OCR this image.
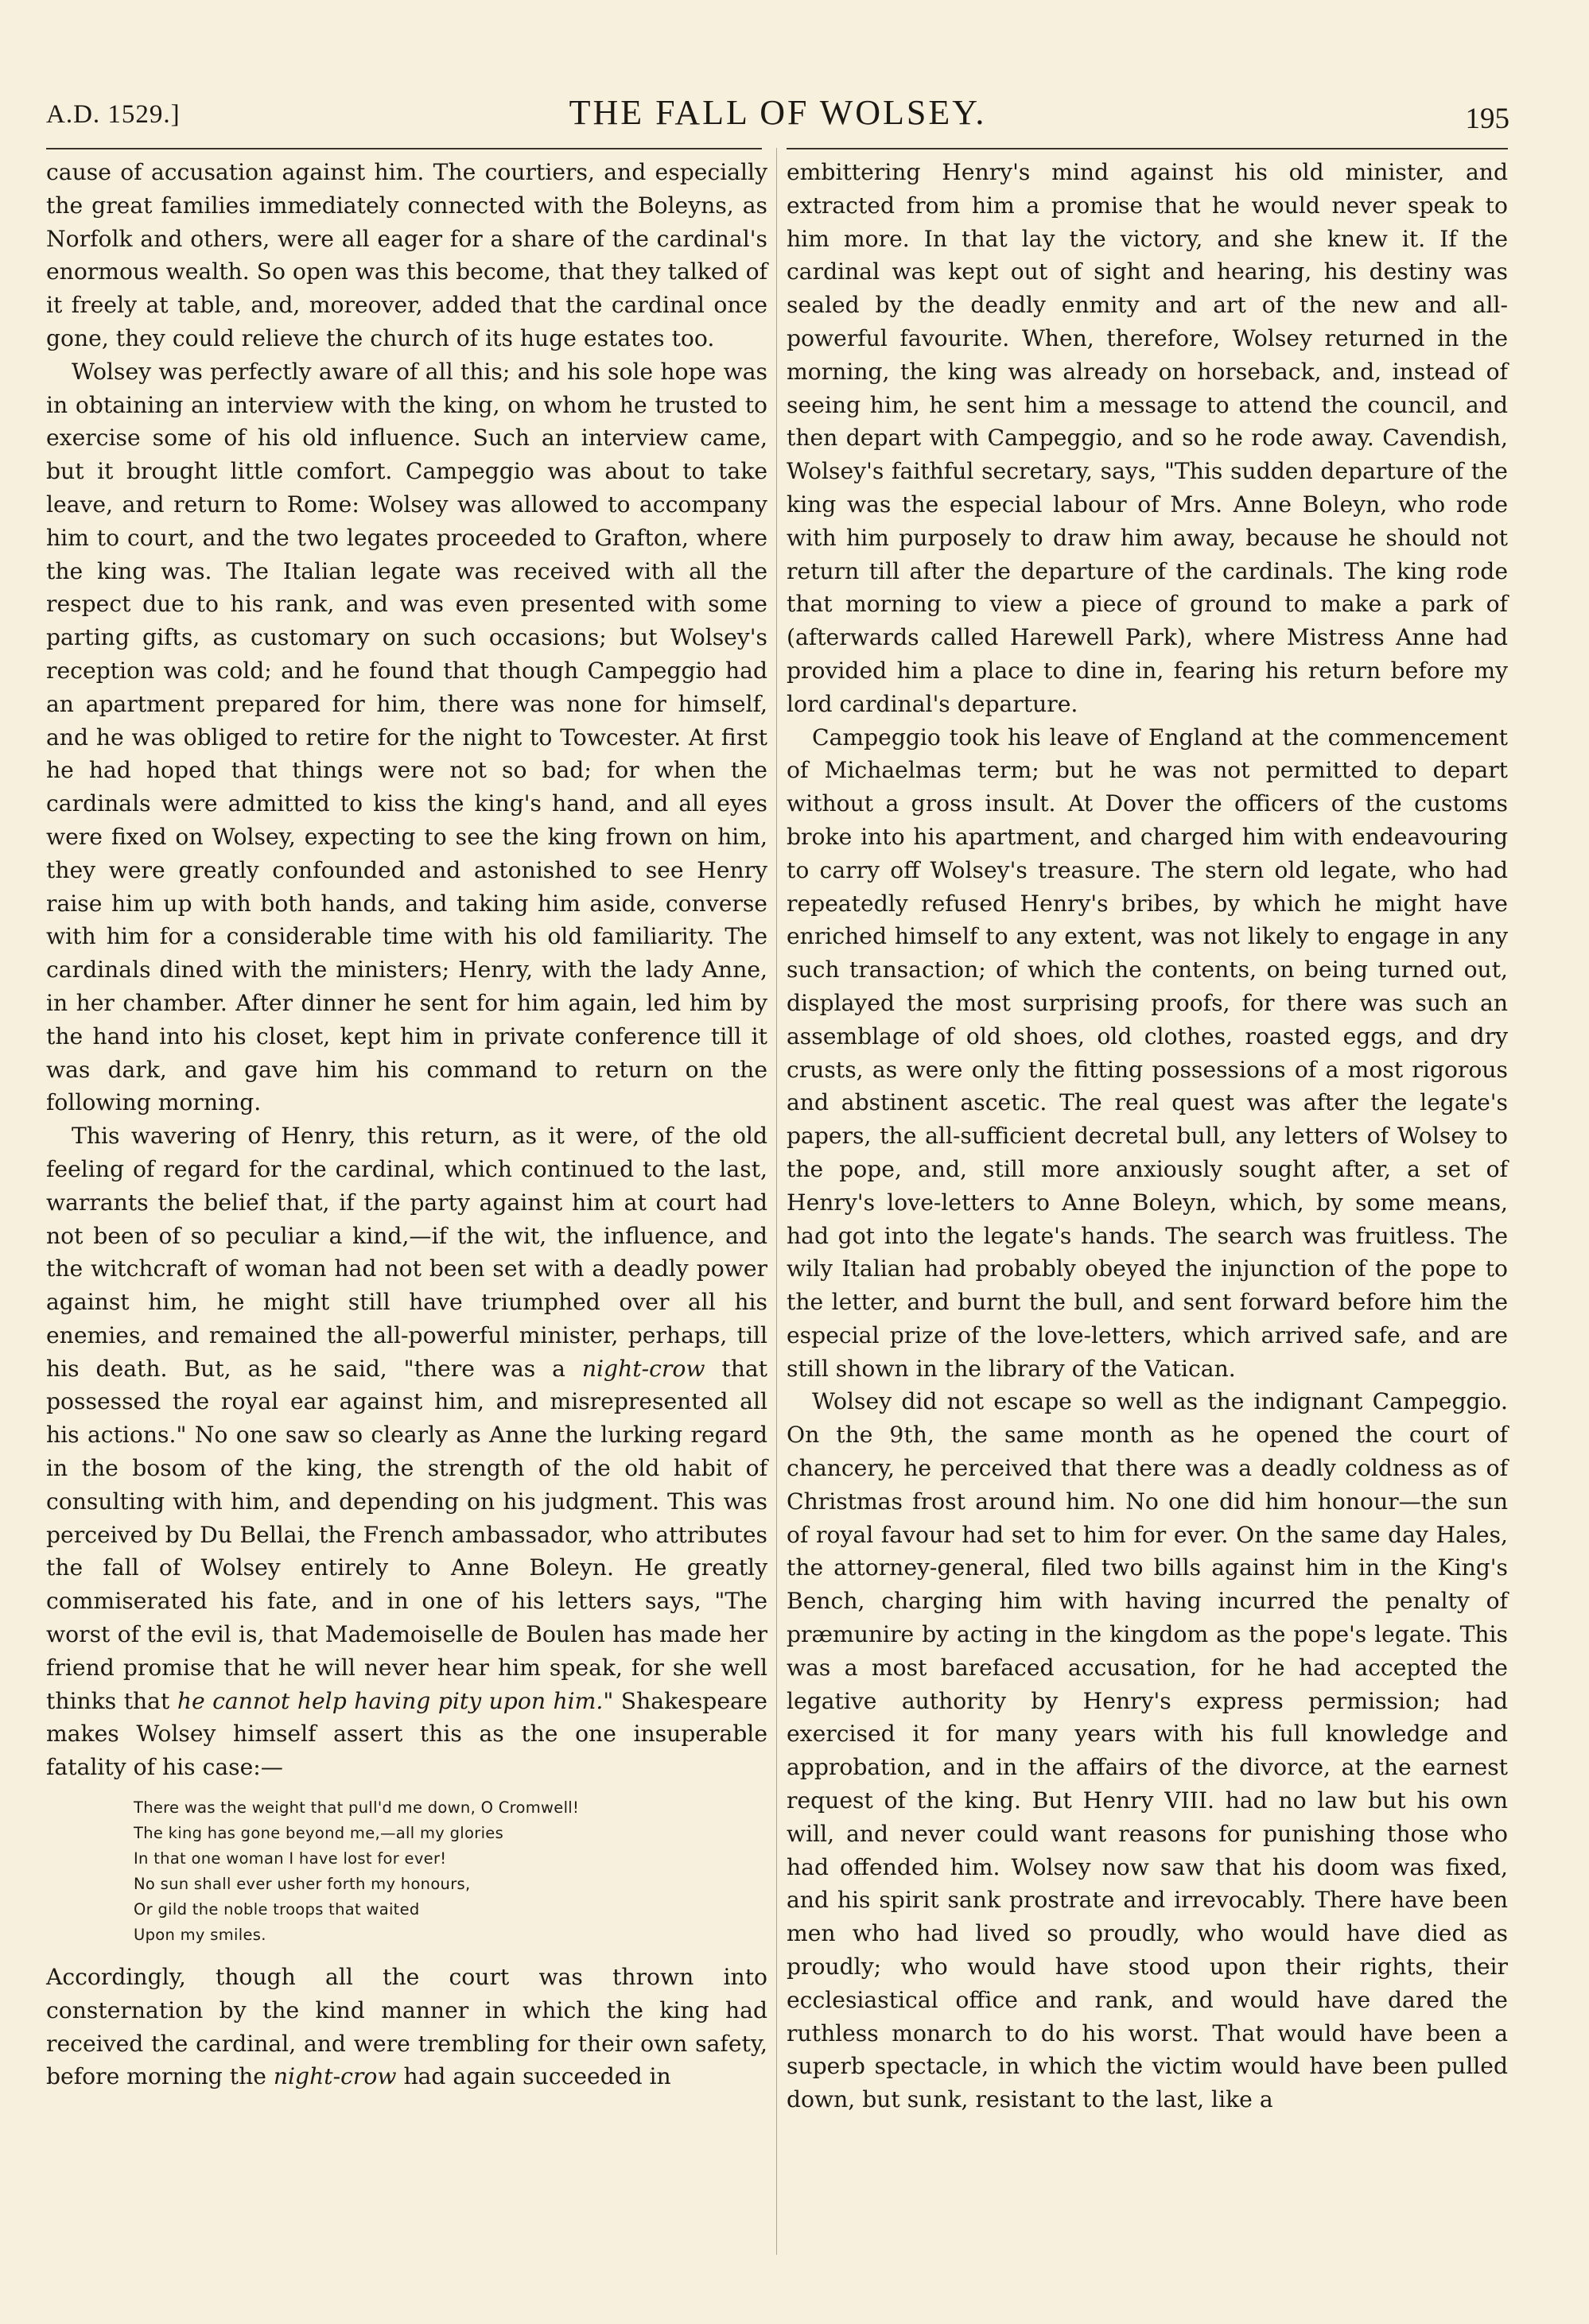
A.D. 1529.]	THE FALL OF WOLSEY.	195

cause of accusation against him. The courtiers, and especially the great families immediately connected with the Boleyns, as Norfolk and others, were all eager for a share of the cardinal's enormous wealth. So open was this become, that they talked of it freely at table, and, moreover, added that the cardinal once gone, they could relieve the church of its huge estates too.

Wolsey was perfectly aware of all this; and his sole hope was in obtaining an interview with the king, on whom he trusted to exercise some of his old influence. Such an interview came, but it brought little comfort. Campeggio was about to take leave, and return to Rome: Wolsey was allowed to accompany him to court, and the two legates proceeded to Grafton, where the king was. The Italian legate was received with all the respect due to his rank, and was even presented with some parting gifts, as customary on such occasions; but Wolsey's reception was cold; and he found that though Campeggio had an apartment prepared for him, there was none for himself, and he was obliged to retire for the night to Towcester. At first he had hoped that things were not so bad; for when the cardinals were admitted to kiss the king's hand, and all eyes were fixed on Wolsey, expecting to see the king frown on him, they were greatly confounded and astonished to see Henry raise him up with both hands, and taking him aside, converse with him for a considerable time with his old familiarity. The cardinals dined with the ministers; Henry, with the lady Anne, in her chamber. After dinner he sent for him again, led him by the hand into his closet, kept him in private conference till it was dark, and gave him his command to return on the following morning.

This wavering of Henry, this return, as it were, of the old feeling of regard for the cardinal, which continued to the last, warrants the belief that, if the party against him at court had not been of so peculiar a kind,—if the wit, the influence, and the witchcraft of woman had not been set with a deadly power against him, he might still have triumphed over all his enemies, and remained the all-powerful minister, perhaps, till his death. But, as he said, "there was a night-crow that possessed the royal ear against him, and misrepresented all his actions." No one saw so clearly as Anne the lurking regard in the bosom of the king, the strength of the old habit of consulting with him, and depending on his judgment. This was perceived by Du Bellai, the French ambassador, who attributes the fall of Wolsey entirely to Anne Boleyn. He greatly commiserated his fate, and in one of his letters says, "The worst of the evil is, that Mademoiselle de Boulen has made her friend promise that he will never hear him speak, for she well thinks that he cannot help having pity upon him." Shakespeare makes Wolsey himself assert this as the one insuperable fatality of his case:—

There was the weight that pull'd me down, O Cromwell!
The king has gone beyond me,—all my glories
In that one woman I have lost for ever!
No sun shall ever usher forth my honours,
Or gild the noble troops that waited
Upon my smiles.

Accordingly, though all the court was thrown into consternation by the kind manner in which the king had received the cardinal, and were trembling for their own safety, before morning the night-crow had again succeeded in

embittering Henry's mind against his old minister, and extracted from him a promise that he would never speak to him more. In that lay the victory, and she knew it. If the cardinal was kept out of sight and hearing, his destiny was sealed by the deadly enmity and art of the new and all-powerful favourite. When, therefore, Wolsey returned in the morning, the king was already on horseback, and, instead of seeing him, he sent him a message to attend the council, and then depart with Campeggio, and so he rode away. Cavendish, Wolsey's faithful secretary, says, "This sudden departure of the king was the especial labour of Mrs. Anne Boleyn, who rode with him purposely to draw him away, because he should not return till after the departure of the cardinals. The king rode that morning to view a piece of ground to make a park of (afterwards called Harewell Park), where Mistress Anne had provided him a place to dine in, fearing his return before my lord cardinal's departure.

Campeggio took his leave of England at the commencement of Michaelmas term; but he was not permitted to depart without a gross insult. At Dover the officers of the customs broke into his apartment, and charged him with endeavouring to carry off Wolsey's treasure. The stern old legate, who had repeatedly refused Henry's bribes, by which he might have enriched himself to any extent, was not likely to engage in any such transaction; of which the contents, on being turned out, displayed the most surprising proofs, for there was such an assemblage of old shoes, old clothes, roasted eggs, and dry crusts, as were only the fitting possessions of a most rigorous and abstinent ascetic. The real quest was after the legate's papers, the all-sufficient decretal bull, any letters of Wolsey to the pope, and, still more anxiously sought after, a set of Henry's love-letters to Anne Boleyn, which, by some means, had got into the legate's hands. The search was fruitless. The wily Italian had probably obeyed the injunction of the pope to the letter, and burnt the bull, and sent forward before him the especial prize of the love-letters, which arrived safe, and are still shown in the library of the Vatican.

Wolsey did not escape so well as the indignant Campeggio. On the 9th, the same month as he opened the court of chancery, he perceived that there was a deadly coldness as of Christmas frost around him. No one did him honour—the sun of royal favour had set to him for ever. On the same day Hales, the attorney-general, filed two bills against him in the King's Bench, charging him with having incurred the penalty of præmunire by acting in the kingdom as the pope's legate. This was a most barefaced accusation, for he had accepted the legative authority by Henry's express permission; had exercised it for many years with his full knowledge and approbation, and in the affairs of the divorce, at the earnest request of the king. But Henry VIII. had no law but his own will, and never could want reasons for punishing those who had offended him. Wolsey now saw that his doom was fixed, and his spirit sank prostrate and irrevocably. There have been men who had lived so proudly, who would have died as proudly; who would have stood upon their rights, their ecclesiastical office and rank, and would have dared the ruthless monarch to do his worst. That would have been a superb spectacle, in which the victim would have been pulled down, but sunk, resistant to the last, like a
